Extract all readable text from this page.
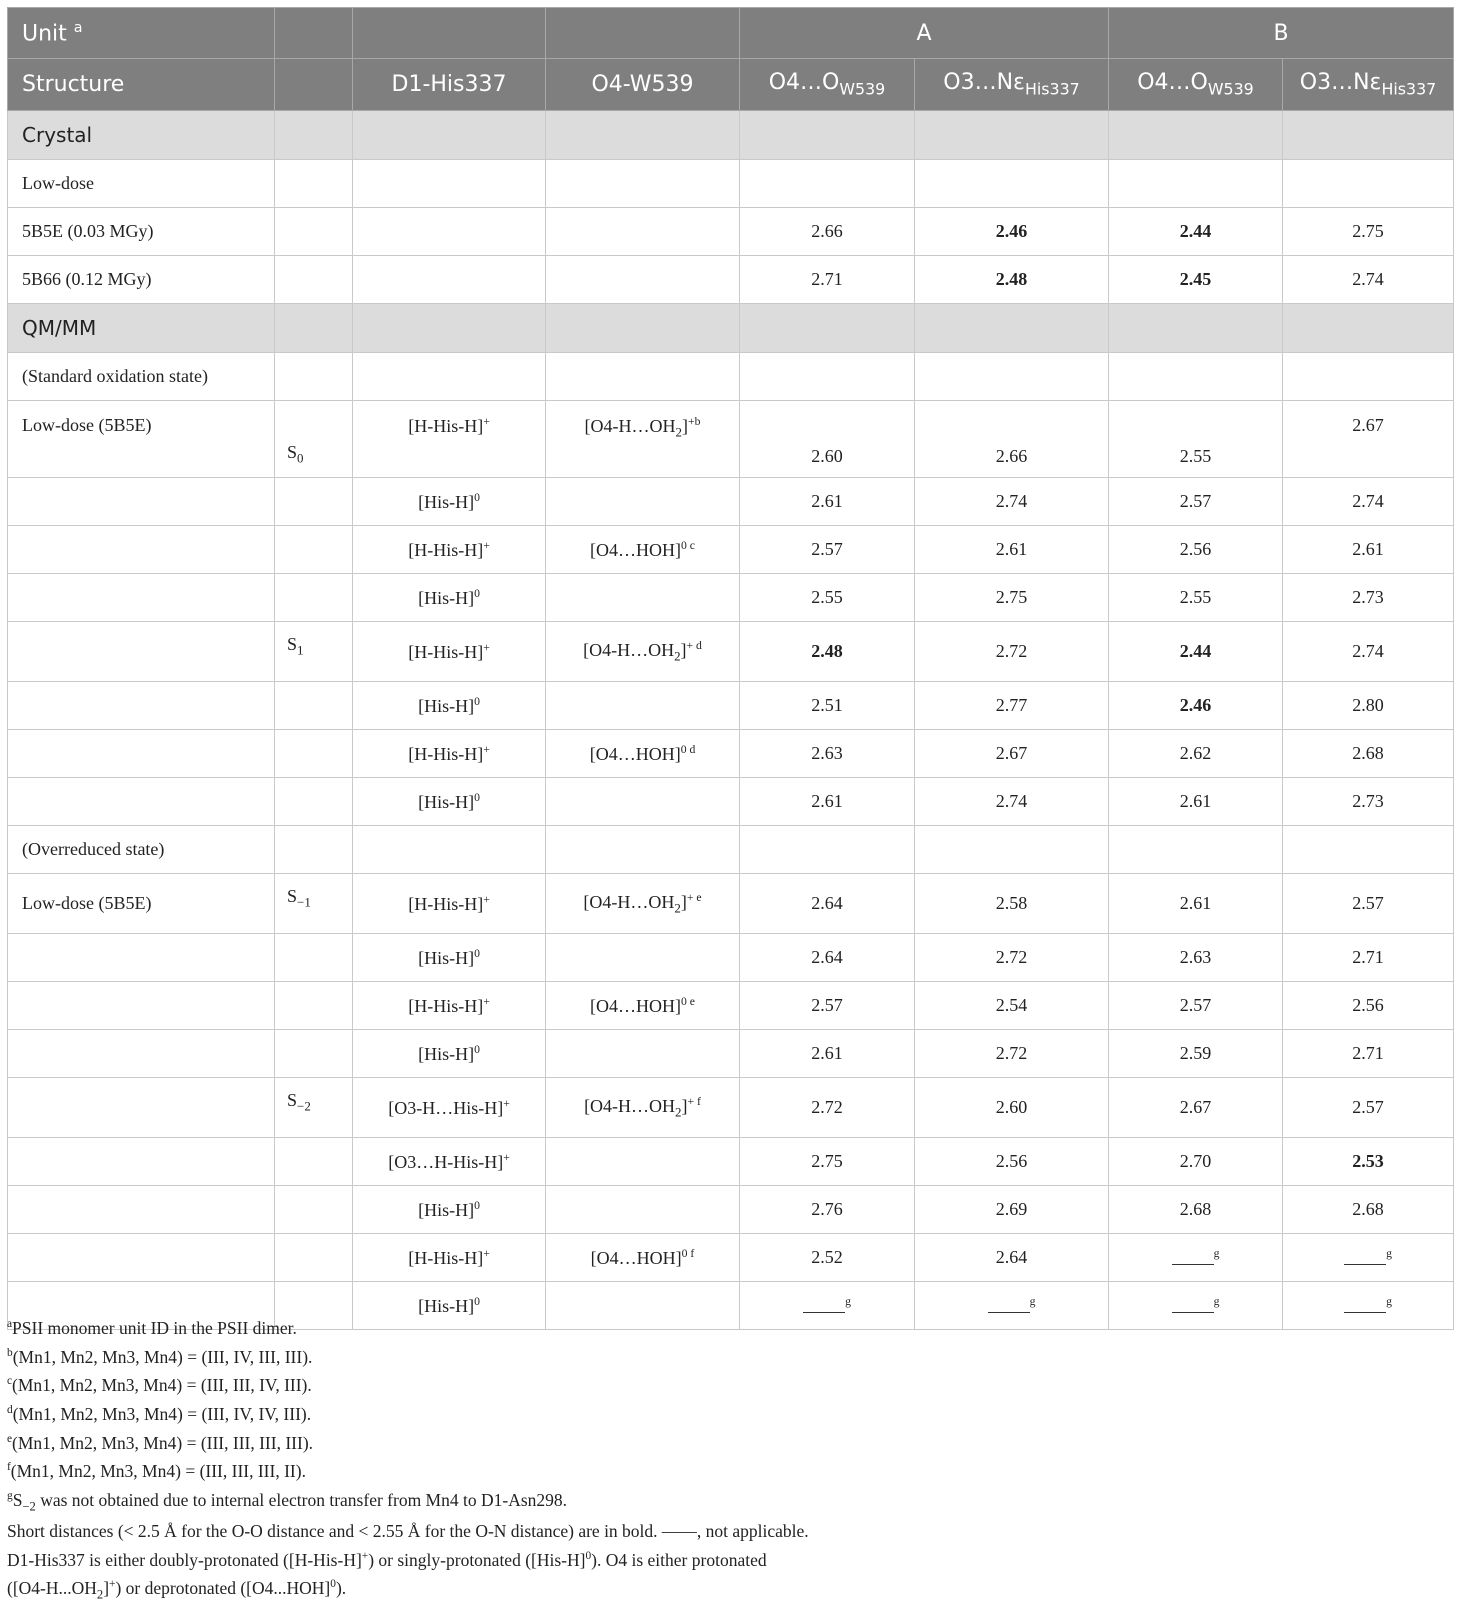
Unit $^a$				A		B	
Structure		D1-His337	O4-W539	$O4\dots O_{W539}$	$O3\dots N\varepsilon_{His337}$	$O4\dots O_{W539}$	$O3\dots N\varepsilon_{His337}$
Crystal							
Low-dose							
5B5E (0.03 MGy)				2.66	2.46	2.44	2.75
5B66 (0.12 MGy)				2.71	2.48	2.45	2.74
QM/MM							
(Standard oxidation state)							
Low-dose (5B5E)	$S_0$	[H-His-H]+	$[O4-H\dots OH_2]^{+b}$	2.60	2.66	2.55	2.67
		$[His-H]^0$		2.61	2.74	2.57	2.74
		[H-His-H]+	[O4…HOH]$^{0 c}$	2.57	2.61	2.56	2.61
		$[His-H]^0$		2.55	2.75	2.55	2.73
	$S_1$	[H-His-H]+	$[O4-H\dots OH_2]^{+ d}$	2.48	2.72	2.44	2.74
		$[His-H]^0$		2.51	2.77	2.46	2.80
		[H-His-H]+	[O4…HOH]$^{0 d}$	2.63	2.67	2.62	2.68
		$[His-H]^0$		2.61	2.74	2.61	2.73
(Overreduced state)							
Low-dose (5B5E)	$S_{-1}$	[H-His-H]+	$[O4-H\dots OH_2]^{+ e}$	2.64	2.58	2.61	2.57
		$[His-H]^0$		2.64	2.72	2.63	2.71
		[H-His-H]+	[O4…HOH]$^{0 e}$	2.57	2.54	2.57	2.56
		$[His-H]^0$		2.61	2.72	2.59	2.71
	$S_{-2}$	[O3-H…His-H]+	$[O4-H\dots OH_2]^{+ f}$	2.72	2.60	2.67	2.57
		[O3…H-His-H]+		2.75	2.56	2.70	2.53
		$[His-H]^0$		2.76	2.69	2.68	2.68
		[H-His-H]+	[O4…HOH]$^{0 f}$	2.52	2.64	$^g$	$^g$
		$[His-H]^0$		$^g$	$^g$	$^g$	$^g$
$^a$PSII monomer unit ID in the PSII dimer.
$^b$(Mn1, Mn2, Mn3, Mn4) = (III, IV, III, III).
$^c$(Mn1, Mn2, Mn3, Mn4) = (III, III, IV, III).
$^d$(Mn1, Mn2, Mn3, Mn4) = (III, IV, IV, III).
$^e$(Mn1, Mn2, Mn3, Mn4) = (III, III, III, III).
$^f$(Mn1, Mn2, Mn3, Mn4) = (III, III, III, II).
$^gS_{-2}$ was not obtained due to internal electron transfer from Mn4 to D1-Asn298.
Short distances (< 2.5 Å for the O-O distance and < 2.55 Å for the O-N distance) are in bold. ——, not applicable.
D1-His337 is either doubly-protonated ([H-His-H]+) or singly-protonated $([His-H]^0)$. O4 is either protonated
$([O4-H...OH_2]^+)$ or deprotonated $([O4...HOH]^0)$.
